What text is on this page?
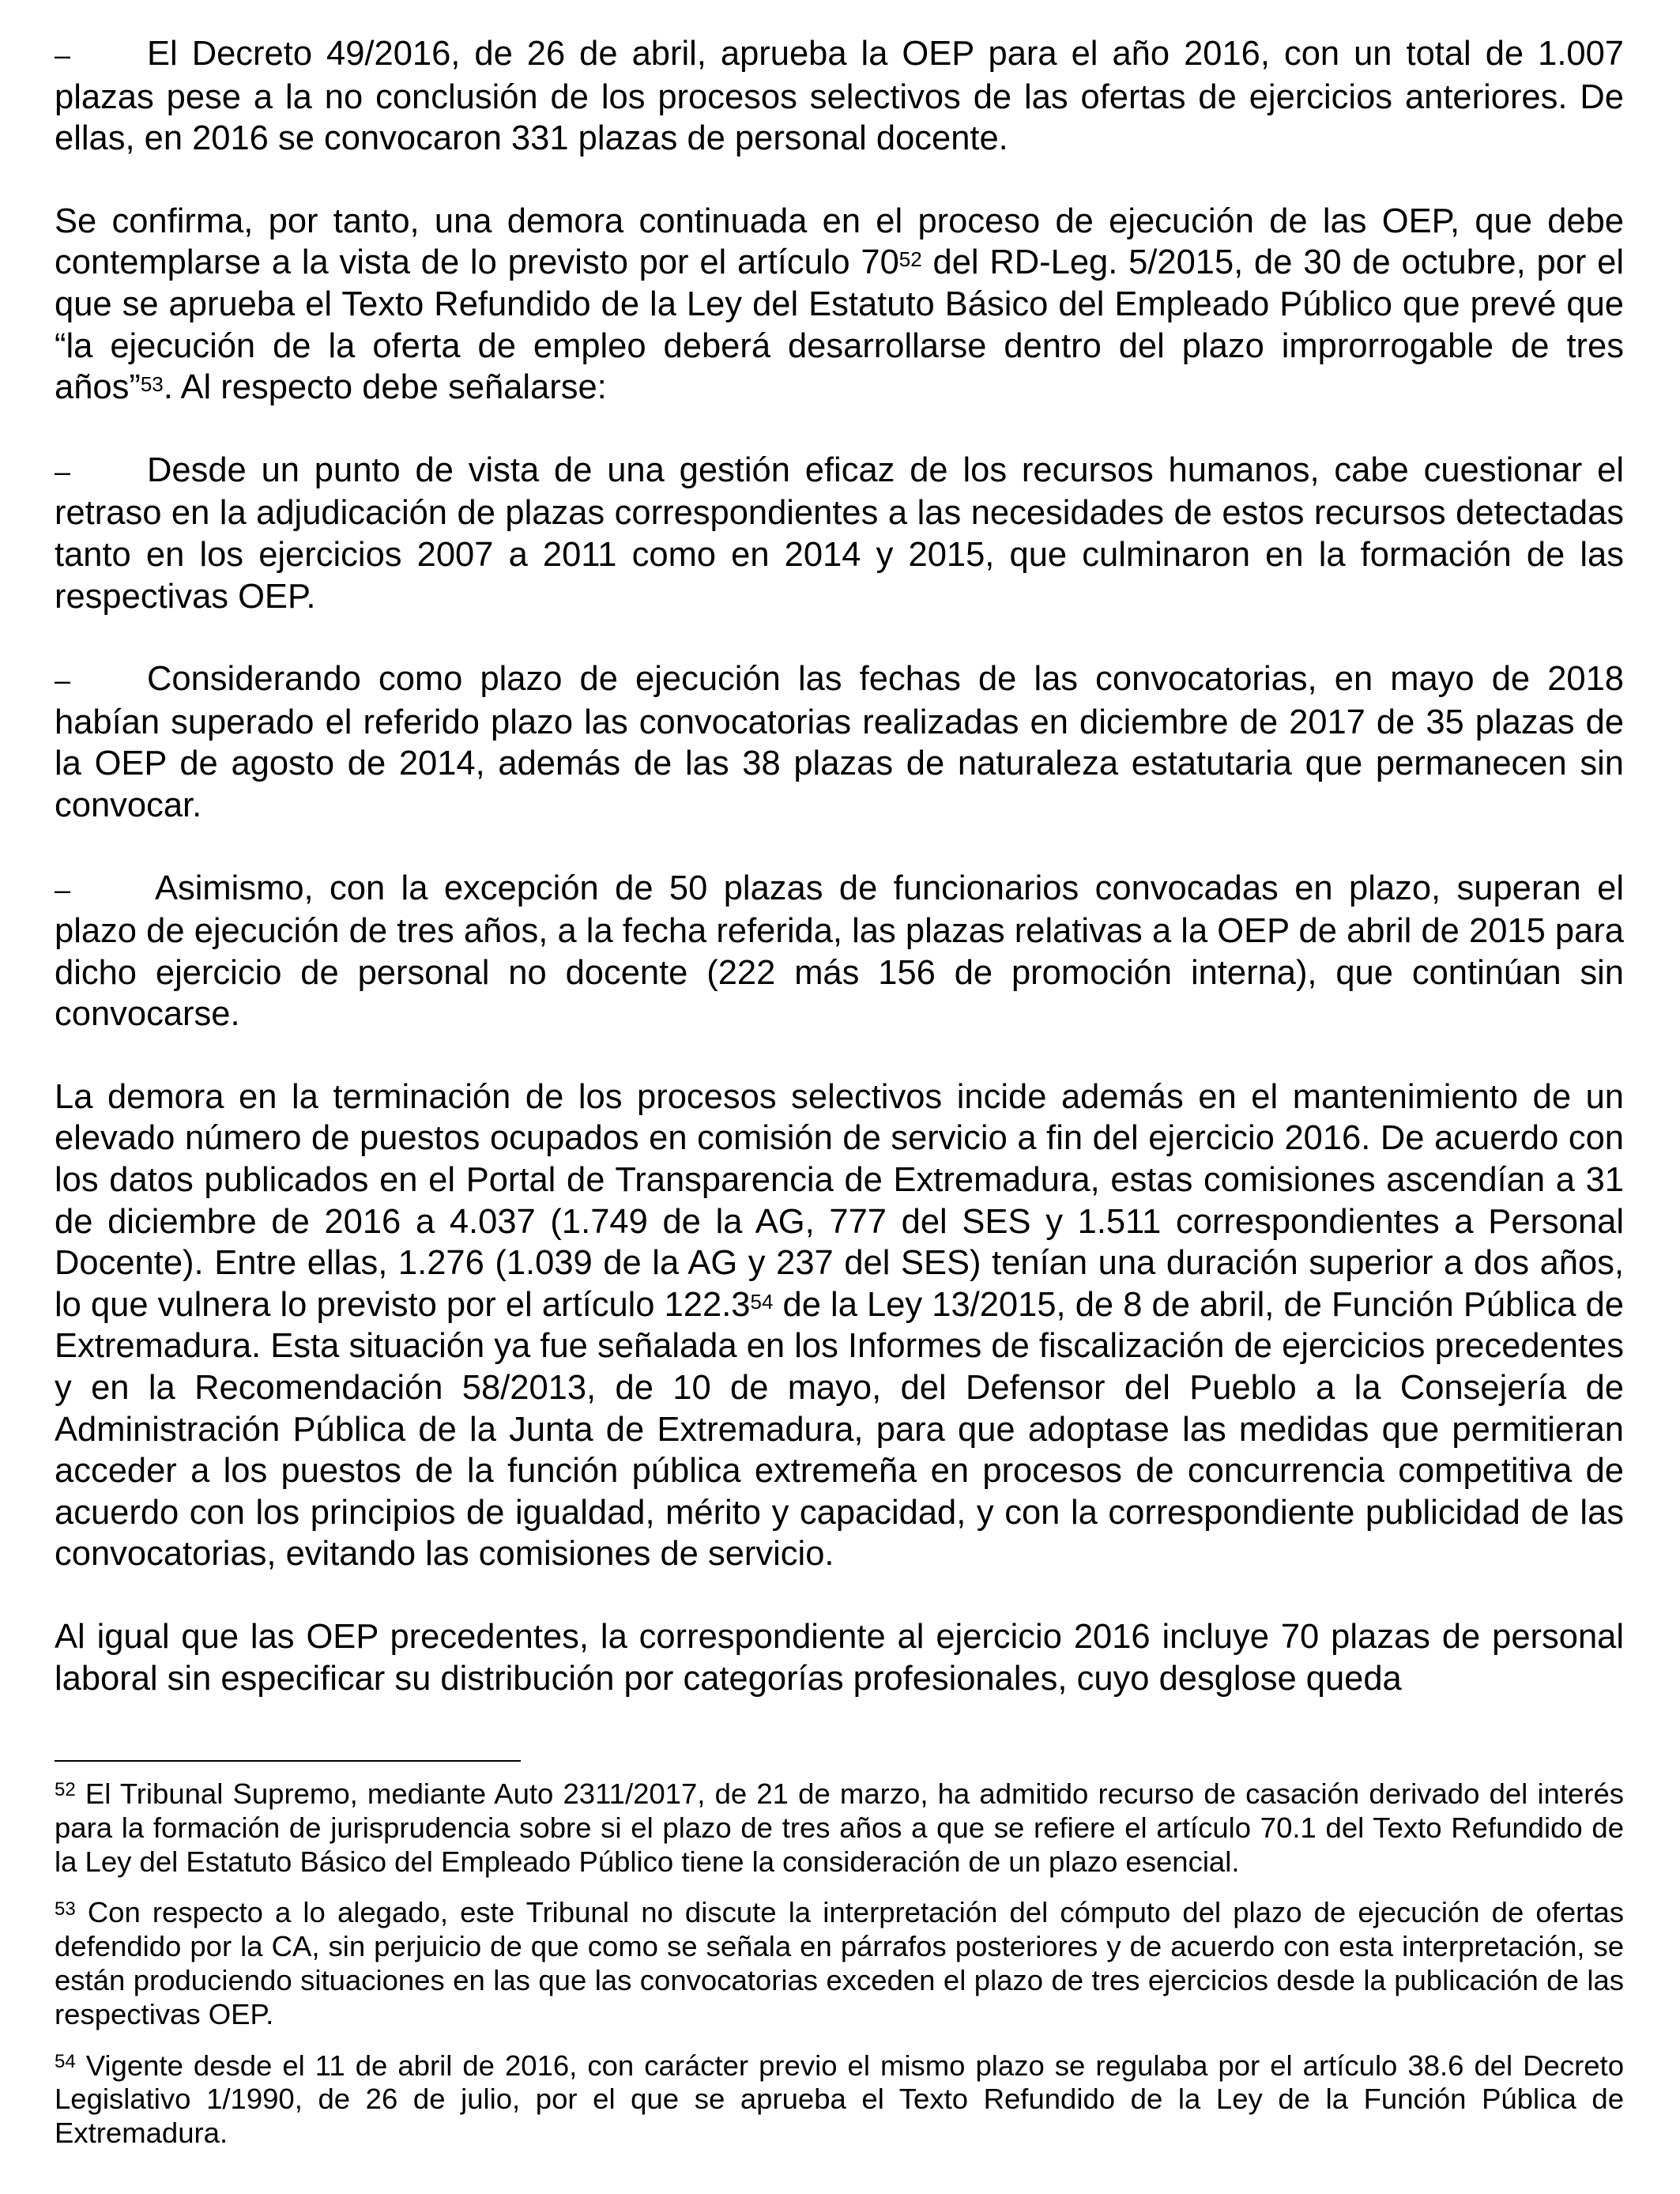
– El Decreto 49/2016, de 26 de abril, aprueba la OEP para el año 2016, con un total de 1.007 plazas pese a la no conclusión de los procesos selectivos de las ofertas de ejercicios anteriores. De ellas, en 2016 se convocaron 331 plazas de personal docente.

Se confirma, por tanto, una demora continuada en el proceso de ejecución de las OEP, que debe contemplarse a la vista de lo previsto por el artículo 70$^{52}$ del RD-Leg. 5/2015, de 30 de octubre, por el que se aprueba el Texto Refundido de la Ley del Estatuto Básico del Empleado Público que prevé que “la ejecución de la oferta de empleo deberá desarrollarse dentro del plazo improrrogable de tres años”$^{53}$. Al respecto debe señalarse:

– Desde un punto de vista de una gestión eficaz de los recursos humanos, cabe cuestionar el retraso en la adjudicación de plazas correspondientes a las necesidades de estos recursos detectadas tanto en los ejercicios 2007 a 2011 como en 2014 y 2015, que culminaron en la formación de las respectivas OEP.

– Considerando como plazo de ejecución las fechas de las convocatorias, en mayo de 2018 habían superado el referido plazo las convocatorias realizadas en diciembre de 2017 de 35 plazas de la OEP de agosto de 2014, además de las 38 plazas de naturaleza estatutaria que permanecen sin convocar.

– Asimismo, con la excepción de 50 plazas de funcionarios convocadas en plazo, superan el plazo de ejecución de tres años, a la fecha referida, las plazas relativas a la OEP de abril de 2015 para dicho ejercicio de personal no docente (222 más 156 de promoción interna), que continúan sin convocarse.

La demora en la terminación de los procesos selectivos incide además en el mantenimiento de un elevado número de puestos ocupados en comisión de servicio a fin del ejercicio 2016. De acuerdo con los datos publicados en el Portal de Transparencia de Extremadura, estas comisiones ascendían a 31 de diciembre de 2016 a 4.037 (1.749 de la AG, 777 del SES y 1.511 correspondientes a Personal Docente). Entre ellas, 1.276 (1.039 de la AG y 237 del SES) tenían una duración superior a dos años, lo que vulnera lo previsto por el artículo 122.3$^{54}$ de la Ley 13/2015, de 8 de abril, de Función Pública de Extremadura. Esta situación ya fue señalada en los Informes de fiscalización de ejercicios precedentes y en la Recomendación 58/2013, de 10 de mayo, del Defensor del Pueblo a la Consejería de Administración Pública de la Junta de Extremadura, para que adoptase las medidas que permitieran acceder a los puestos de la función pública extremeña en procesos de concurrencia competitiva de acuerdo con los principios de igualdad, mérito y capacidad, y con la correspondiente publicidad de las convocatorias, evitando las comisiones de servicio.

Al igual que las OEP precedentes, la correspondiente al ejercicio 2016 incluye 70 plazas de personal laboral sin especificar su distribución por categorías profesionales, cuyo desglose queda

$^{52}$ El Tribunal Supremo, mediante Auto 2311/2017, de 21 de marzo, ha admitido recurso de casación derivado del interés para la formación de jurisprudencia sobre si el plazo de tres años a que se refiere el artículo 70.1 del Texto Refundido de la Ley del Estatuto Básico del Empleado Público tiene la consideración de un plazo esencial.

$^{53}$ Con respecto a lo alegado, este Tribunal no discute la interpretación del cómputo del plazo de ejecución de ofertas defendido por la CA, sin perjuicio de que como se señala en párrafos posteriores y de acuerdo con esta interpretación, se están produciendo situaciones en las que las convocatorias exceden el plazo de tres ejercicios desde la publicación de las respectivas OEP.

$^{54}$ Vigente desde el 11 de abril de 2016, con carácter previo el mismo plazo se regulaba por el artículo 38.6 del Decreto Legislativo 1/1990, de 26 de julio, por el que se aprueba el Texto Refundido de la Ley de la Función Pública de Extremadura.
